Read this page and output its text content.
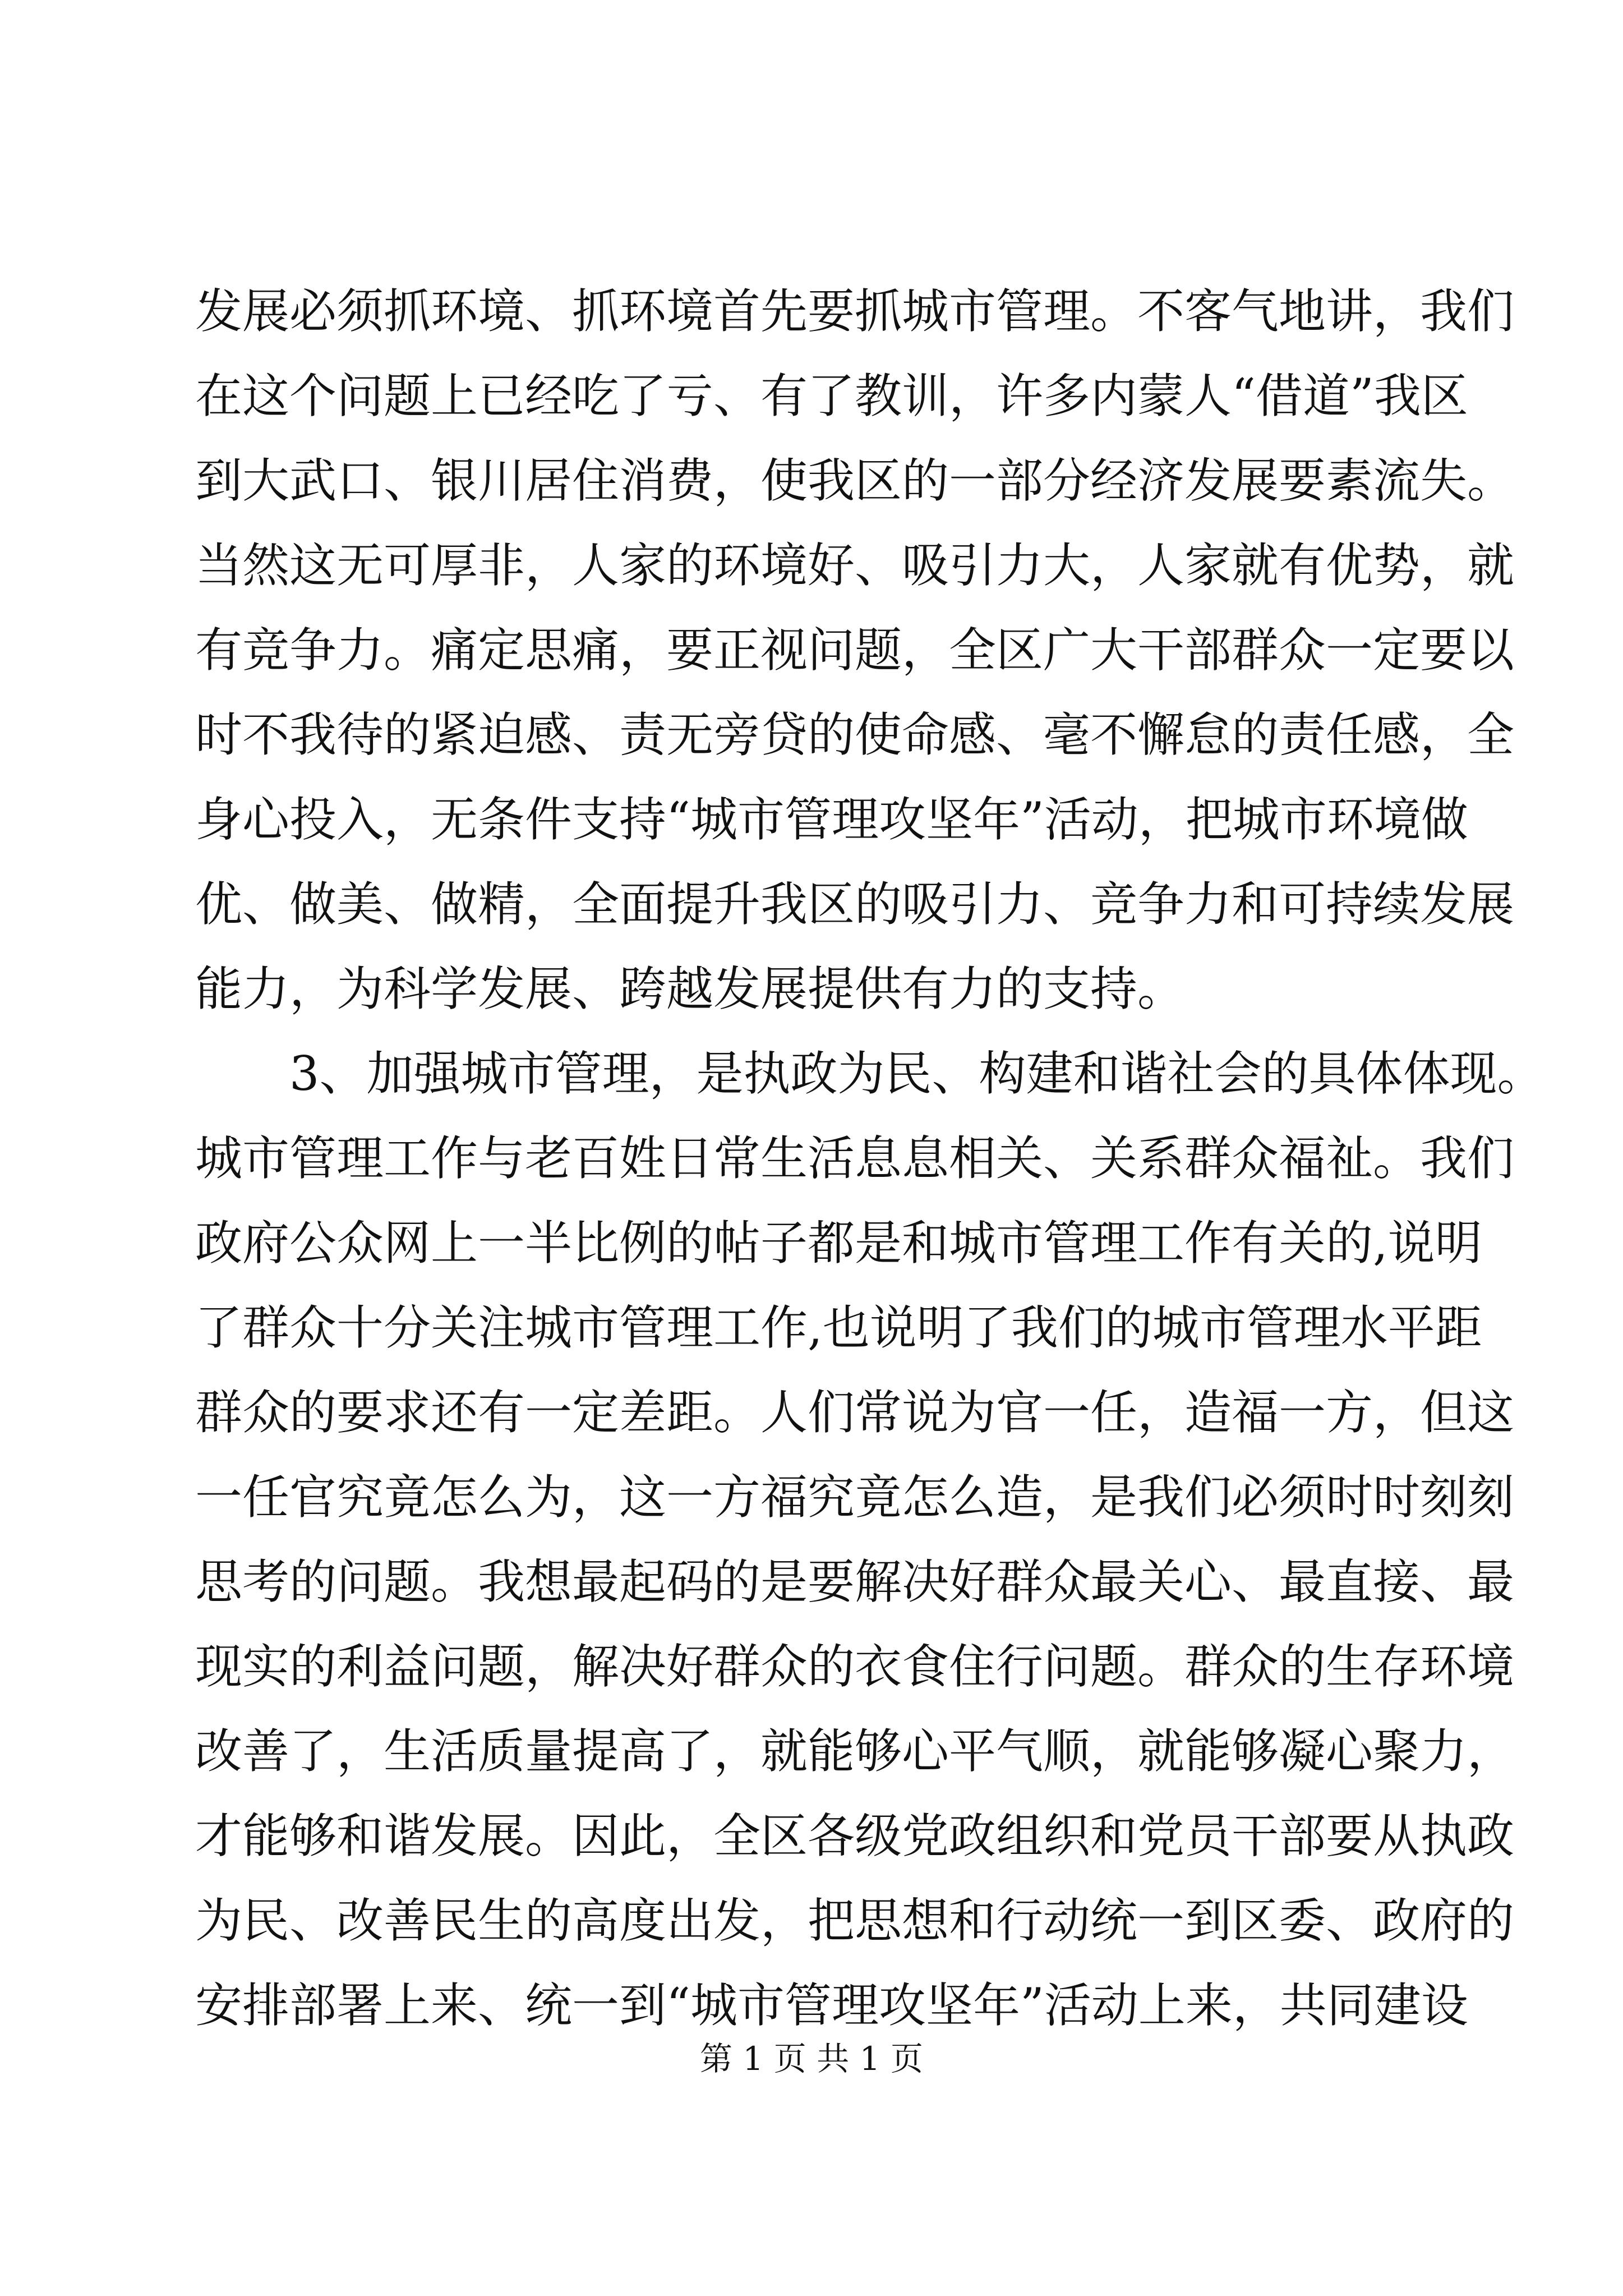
发展必须抓环境、抓环境首先要抓城市管理。不客气地讲，我们
在这个问题上已经吃了亏、有了教训，许多内蒙人“借道”我区
到大武口、银川居住消费，使我区的一部分经济发展要素流失。
当然这无可厚非，人家的环境好、吸引力大，人家就有优势，就
有竞争力。痛定思痛，要正视问题，全区广大干部群众一定要以
时不我待的紧迫感、责无旁贷的使命感、毫不懈怠的责任感，全
身心投入，无条件支持“城市管理攻坚年”活动，把城市环境做
优、做美、做精，全面提升我区的吸引力、竞争力和可持续发展
能力，为科学发展、跨越发展提供有力的支持。
3、加强城市管理，是执政为民、构建和谐社会的具体体现。
城市管理工作与老百姓日常生活息息相关、关系群众福祉。我们
政府公众网上一半比例的帖子都是和城市管理工作有关的,说明
了群众十分关注城市管理工作,也说明了我们的城市管理水平距
群众的要求还有一定差距。人们常说为官一任，造福一方，但这
一任官究竟怎么为，这一方福究竟怎么造，是我们必须时时刻刻
思考的问题。我想最起码的是要解决好群众最关心、最直接、最
现实的利益问题，解决好群众的衣食住行问题。群众的生存环境
改善了，生活质量提高了，就能够心平气顺，就能够凝心聚力，
才能够和谐发展。因此，全区各级党政组织和党员干部要从执政
为民、改善民生的高度出发，把思想和行动统一到区委、政府的
安排部署上来、统一到“城市管理攻坚年”活动上来，共同建设
第 1 页 共 1 页
